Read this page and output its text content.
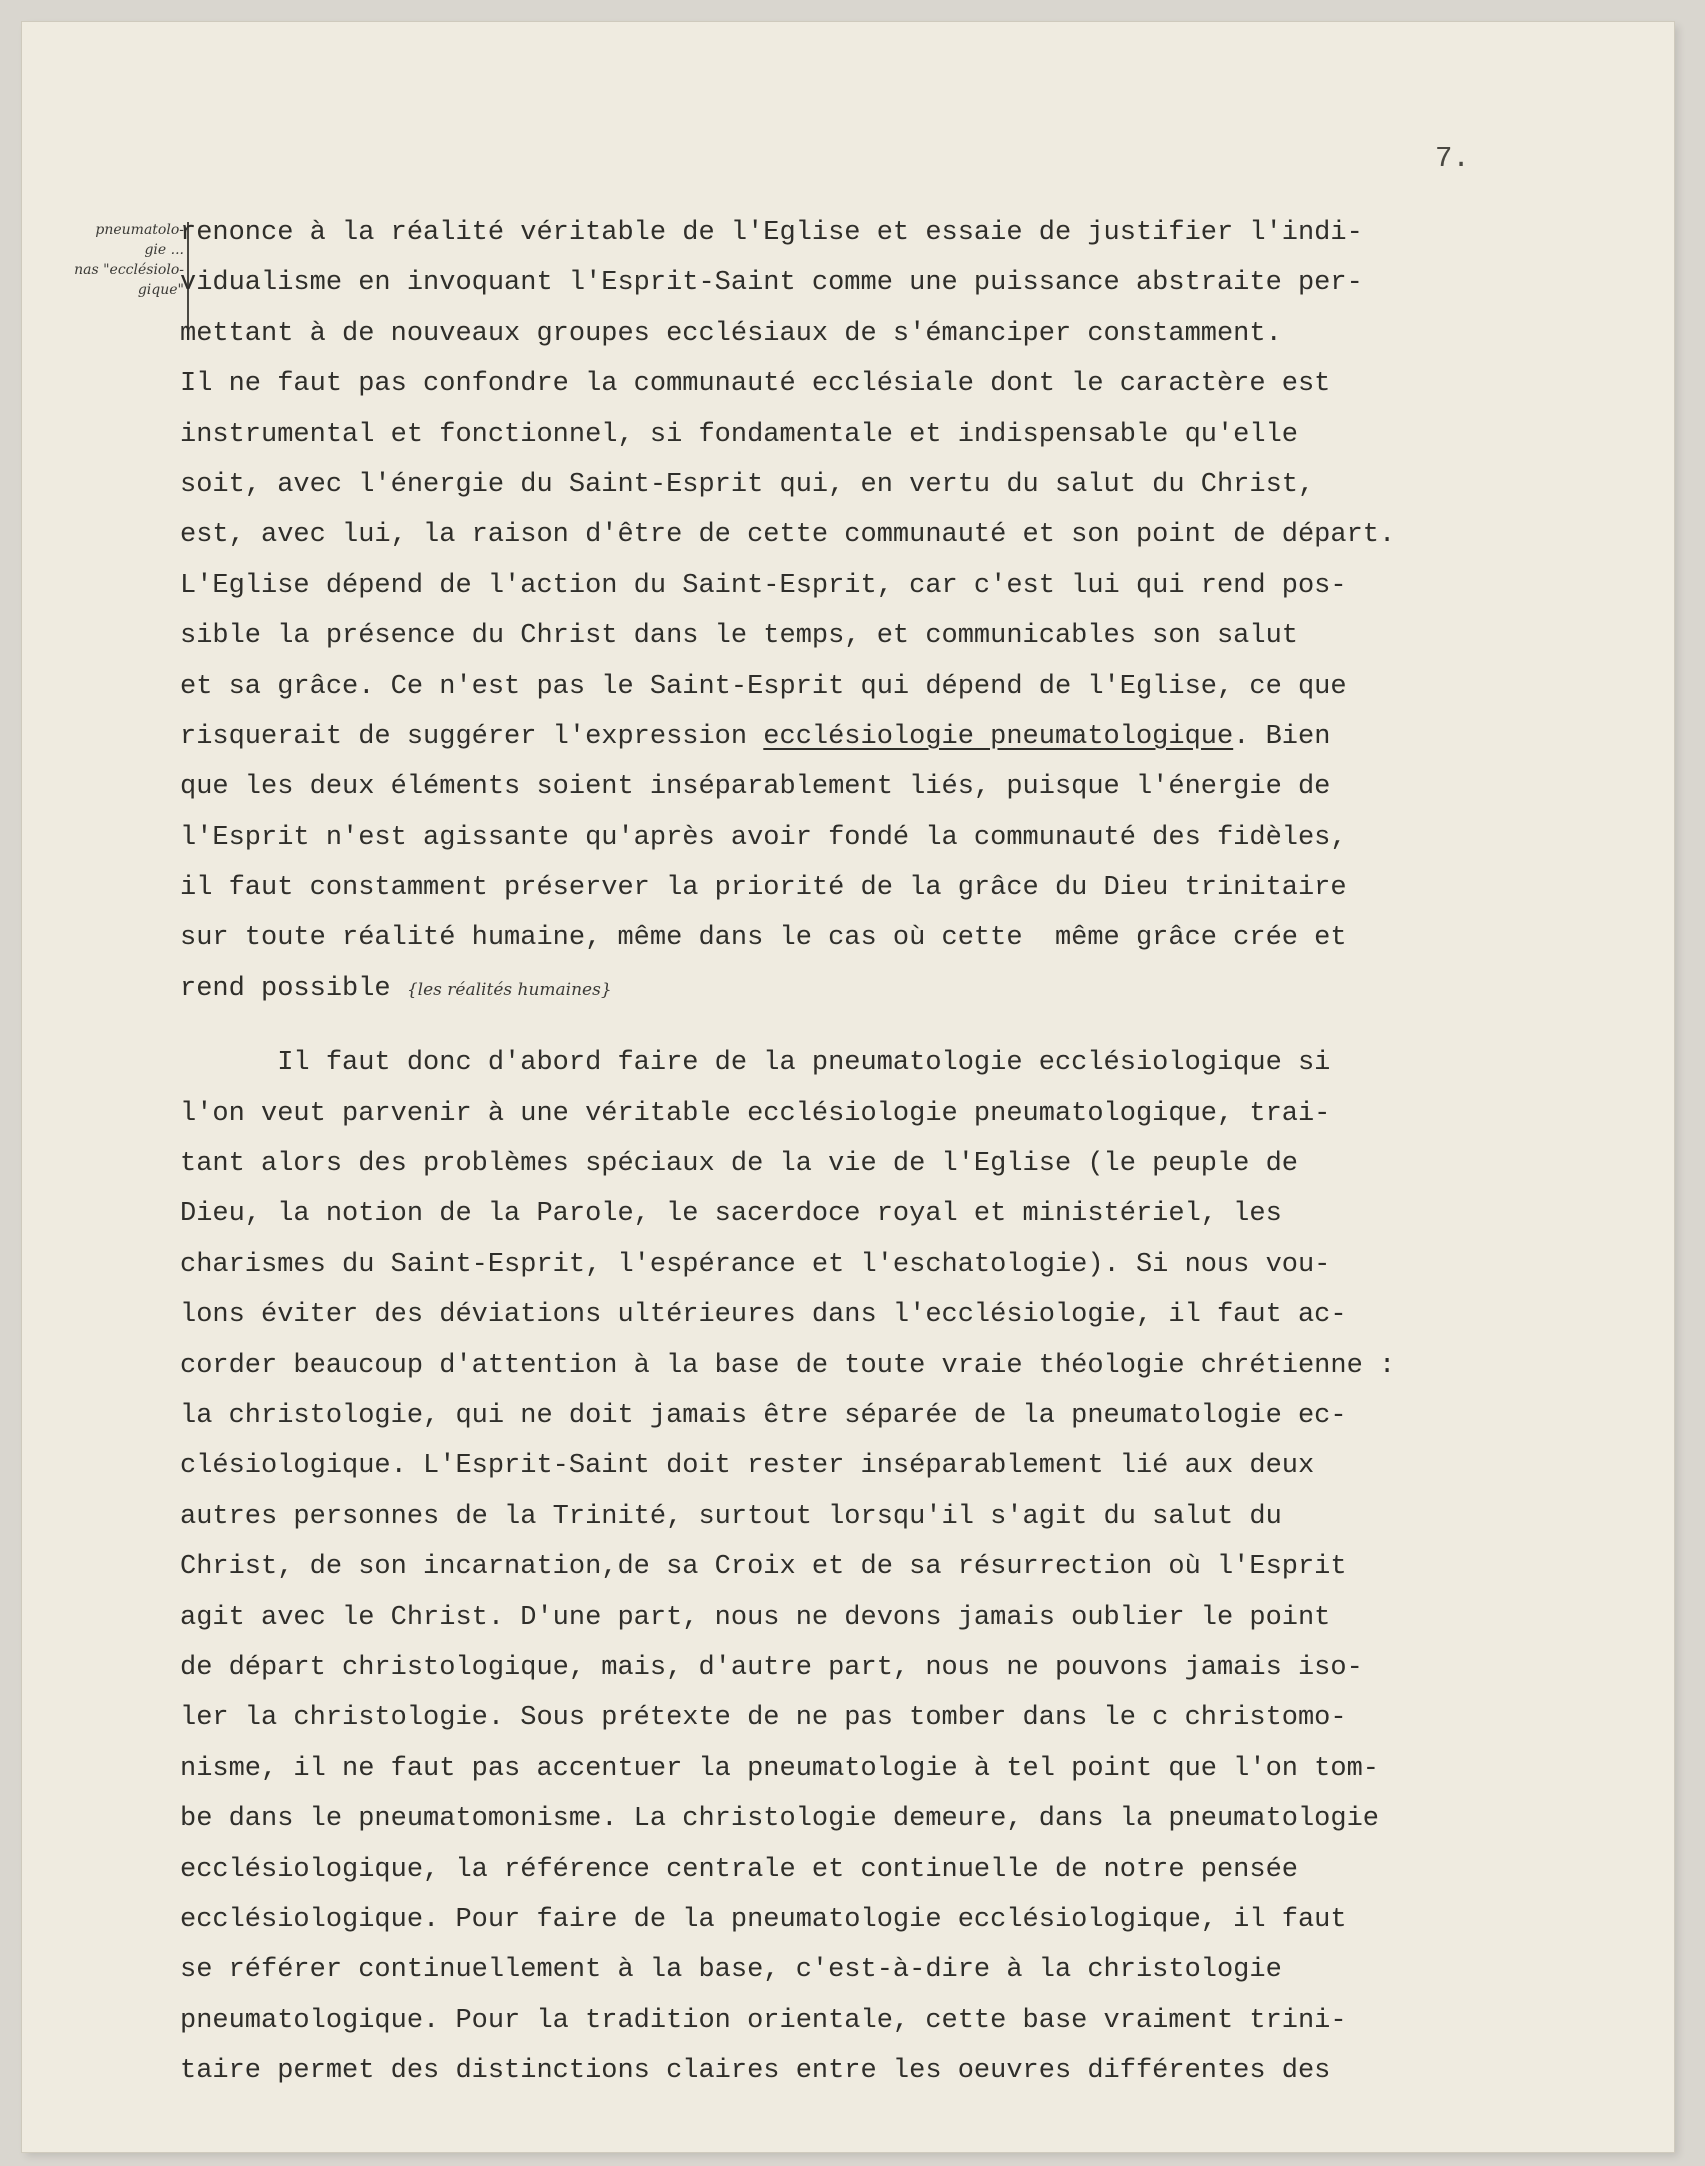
7.
pneumatolo-
gie ...
nas "ecclésiolo-
gique"
renonce à la réalité véritable de l'Eglise et essaie de justifier l'indi-
vidualisme en invoquant l'Esprit-Saint comme une puissance abstraite per-
mettant à de nouveaux groupes ecclésiaux de s'émanciper constamment.
Il ne faut pas confondre la communauté ecclésiale dont le caractère est
instrumental et fonctionnel, si fondamentale et indispensable qu'elle
soit, avec l'énergie du Saint-Esprit qui, en vertu du salut du Christ,
est, avec lui, la raison d'être de cette communauté et son point de départ.
L'Eglise dépend de l'action du Saint-Esprit, car c'est lui qui rend pos-
sible la présence du Christ dans le temps, et communicables son salut
et sa grâce. Ce n'est pas le Saint-Esprit qui dépend de l'Eglise, ce que
risquerait de suggérer l'expression ecclésiologie pneumatologique. Bien
que les deux éléments soient inséparablement liés, puisque l'énergie de
l'Esprit n'est agissante qu'après avoir fondé la communauté des fidèles,
il faut constamment préserver la priorité de la grâce du Dieu trinitaire
sur toute réalité humaine, même dans le cas où cette  même grâce crée et
rend possible {les réalités humaines}
Il faut donc d'abord faire de la pneumatologie ecclésiologique si
l'on veut parvenir à une véritable ecclésiologie pneumatologique, trai-
tant alors des problèmes spéciaux de la vie de l'Eglise (le peuple de
Dieu, la notion de la Parole, le sacerdoce royal et ministériel, les
charismes du Saint-Esprit, l'espérance et l'eschatologie). Si nous vou-
lons éviter des déviations ultérieures dans l'ecclésiologie, il faut ac-
corder beaucoup d'attention à la base de toute vraie théologie chrétienne :
la christologie, qui ne doit jamais être séparée de la pneumatologie ec-
clésiologique. L'Esprit-Saint doit rester inséparablement lié aux deux
autres personnes de la Trinité, surtout lorsqu'il s'agit du salut du
Christ, de son incarnation,de sa Croix et de sa résurrection où l'Esprit
agit avec le Christ. D'une part, nous ne devons jamais oublier le point
de départ christologique, mais, d'autre part, nous ne pouvons jamais iso-
ler la christologie. Sous prétexte de ne pas tomber dans le c christomo-
nisme, il ne faut pas accentuer la pneumatologie à tel point que l'on tom-
be dans le pneumatomonisme. La christologie demeure, dans la pneumatologie
ecclésiologique, la référence centrale et continuelle de notre pensée
ecclésiologique. Pour faire de la pneumatologie ecclésiologique, il faut
se référer continuellement à la base, c'est-à-dire à la christologie
pneumatologique. Pour la tradition orientale, cette base vraiment trini-
taire permet des distinctions claires entre les oeuvres différentes des
